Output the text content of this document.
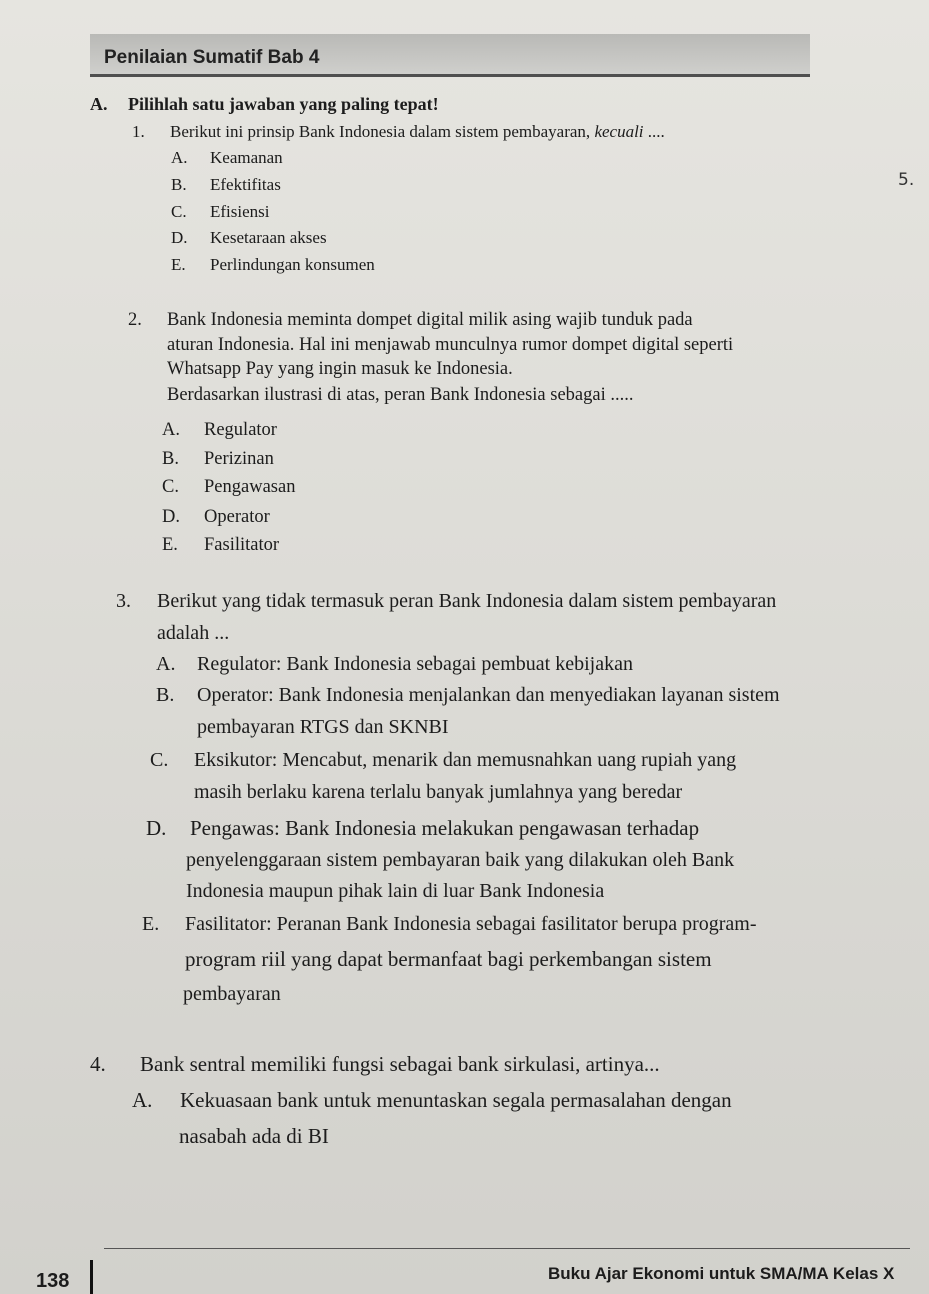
Penilaian Sumatif Bab 4
A. Pilihlah satu jawaban yang paling tepat!
1. Berikut ini prinsip Bank Indonesia dalam sistem pembayaran, kecuali ....
A. Keamanan
B. Efektifitas
C. Efisiensi
D. Kesetaraan akses
E. Perlindungan konsumen
5.
2. Bank Indonesia meminta dompet digital milik asing wajib tunduk pada
aturan Indonesia. Hal ini menjawab munculnya rumor dompet digital seperti
Whatsapp Pay yang ingin masuk ke Indonesia.
Berdasarkan ilustrasi di atas, peran Bank Indonesia sebagai .....
A. Regulator
B. Perizinan
C. Pengawasan
D. Operator
E. Fasilitator
3. Berikut yang tidak termasuk peran Bank Indonesia dalam sistem pembayaran
adalah ...
A. Regulator: Bank Indonesia sebagai pembuat kebijakan
B. Operator: Bank Indonesia menjalankan dan menyediakan layanan sistem
pembayaran RTGS dan SKNBI
C. Eksikutor: Mencabut, menarik dan memusnahkan uang rupiah yang
masih berlaku karena terlalu banyak jumlahnya yang beredar
D. Pengawas: Bank Indonesia melakukan pengawasan terhadap
penyelenggaraan sistem pembayaran baik yang dilakukan oleh Bank
Indonesia maupun pihak lain di luar Bank Indonesia
E. Fasilitator: Peranan Bank Indonesia sebagai fasilitator berupa program-
program riil yang dapat bermanfaat bagi perkembangan sistem
pembayaran
4. Bank sentral memiliki fungsi sebagai bank sirkulasi, artinya...
A. Kekuasaan bank untuk menuntaskan segala permasalahan dengan
nasabah ada di BI
138	Buku Ajar Ekonomi untuk SMA/MA Kelas X
